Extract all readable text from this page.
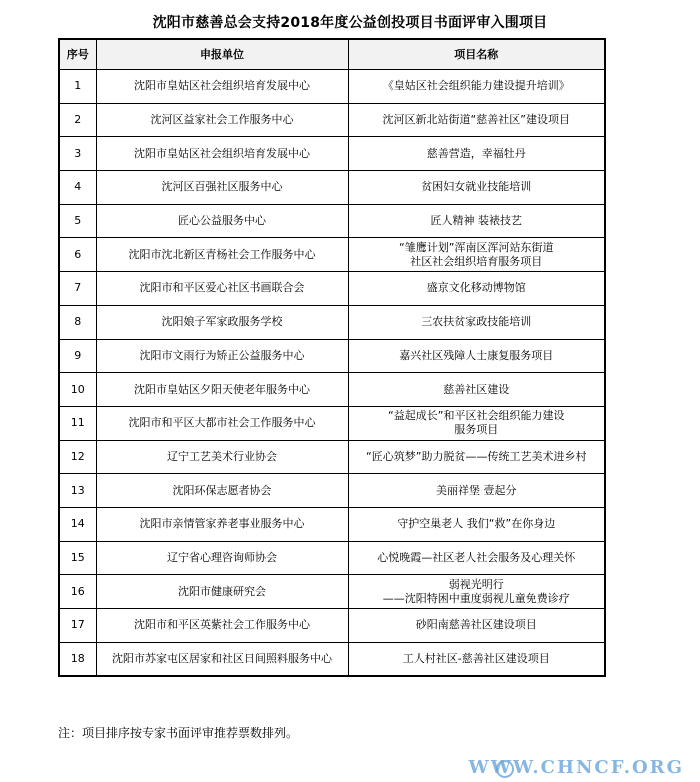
沈阳市慈善总会支持2018年度公益创投项目书面评审入围项目
序号	申报单位	项目名称
1	沈阳市皇姑区社会组织培育发展中心	《皇姑区社会组织能力建设提升培训》
2	沈河区益家社会工作服务中心	沈河区新北站街道“慈善社区”建设项目
3	沈阳市皇姑区社会组织培育发展中心	慈善营造，幸福牡丹
4	沈河区百强社区服务中心	贫困妇女就业技能培训
5	匠心公益服务中心	匠人精神 装裱技艺
6	沈阳市沈北新区青杨社会工作服务中心	“雏鹰计划”浑南区浑河站东街道
社区社会组织培育服务项目
7	沈阳市和平区爱心社区书画联合会	盛京文化移动博物馆
8	沈阳娘子军家政服务学校	三农扶贫家政技能培训
9	沈阳市文雨行为矫正公益服务中心	嘉兴社区残障人士康复服务项目
10	沈阳市皇姑区夕阳天使老年服务中心	慈善社区建设
11	沈阳市和平区大都市社会工作服务中心	“益起成长”和平区社会组织能力建设
服务项目
12	辽宁工艺美术行业协会	“匠心筑梦”助力脱贫——传统工艺美术进乡村
13	沈阳环保志愿者协会	美丽祥堡 壹起分
14	沈阳市亲情管家养老事业服务中心	守护空巢老人 我们“救”在你身边
15	辽宁省心理咨询师协会	心悦晚霞—社区老人社会服务及心理关怀
16	沈阳市健康研究会	弱视光明行
——沈阳特困中重度弱视儿童免费诊疗
17	沈阳市和平区英紫社会工作服务中心	砂阳南慈善社区建设项目
18	沈阳市苏家屯区居家和社区日间照料服务中心	工人村社区-慈善社区建设项目
注：项目排序按专家书面评审推荐票数排列。
WWW.CHNCF.ORG
